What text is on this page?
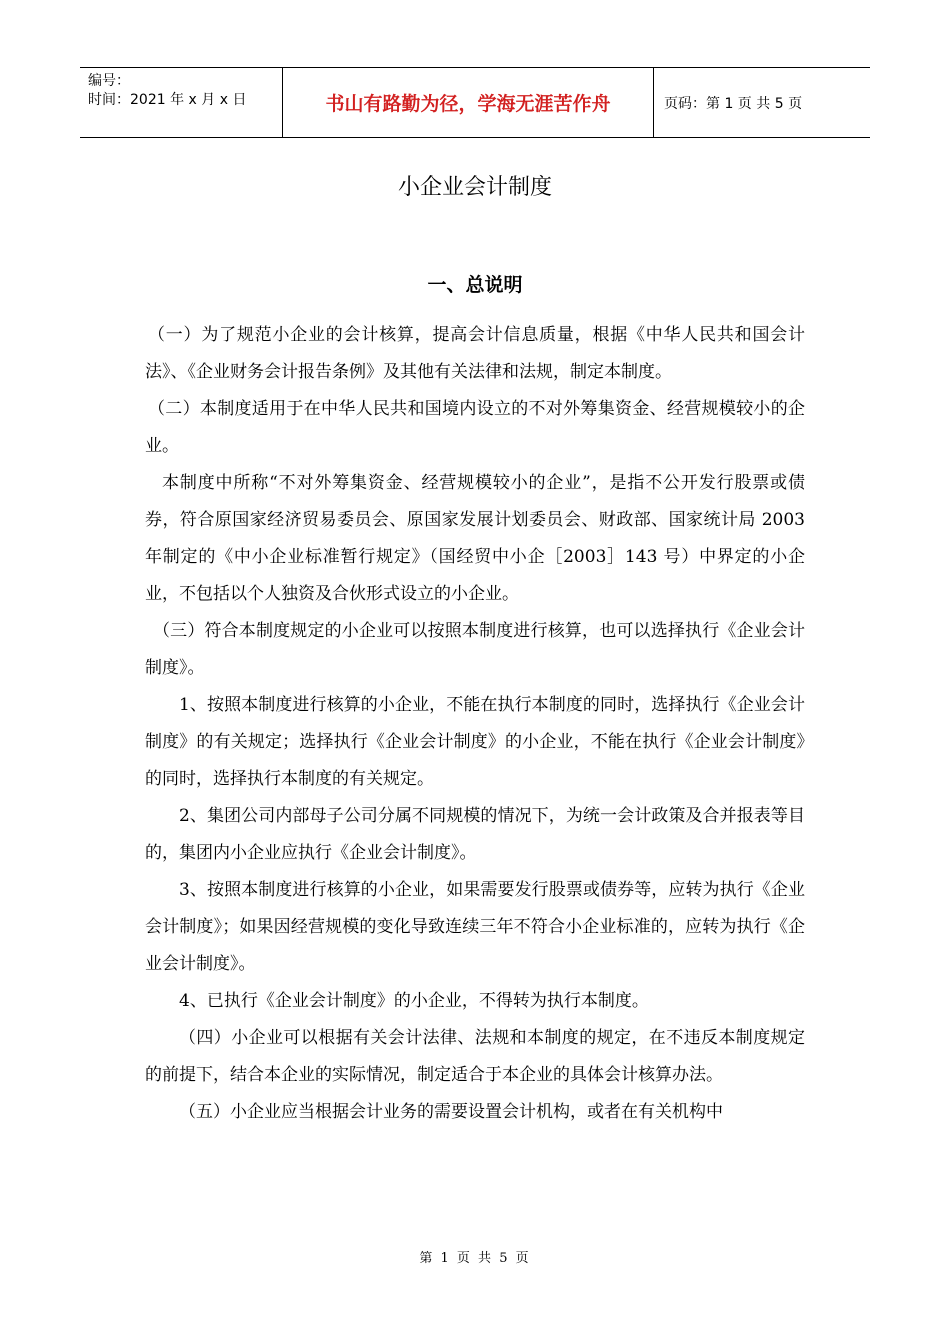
编号：
时间：2021 年 x 月 x 日	书山有路勤为径，学海无涯苦作舟	页码：第 1 页 共 5 页
小企业会计制度
一、总说明

（一）为了规范小企业的会计核算，提高会计信息质量，根据《中华人民共和国会计法》、《企业财务会计报告条例》及其他有关法律和法规，制定本制度。

（二）本制度适用于在中华人民共和国境内设立的不对外筹集资金、经营规模较小的企业。

本制度中所称“不对外筹集资金、经营规模较小的企业”，是指不公开发行股票或债券，符合原国家经济贸易委员会、原国家发展计划委员会、财政部、国家统计局 2003 年制定的《中小企业标准暂行规定》（国经贸中小企［2003］143 号）中界定的小企业，不包括以个人独资及合伙形式设立的小企业。

（三）符合本制度规定的小企业可以按照本制度进行核算，也可以选择执行《企业会计制度》。

1、按照本制度进行核算的小企业，不能在执行本制度的同时，选择执行《企业会计制度》的有关规定；选择执行《企业会计制度》的小企业，不能在执行《企业会计制度》的同时，选择执行本制度的有关规定。

2、集团公司内部母子公司分属不同规模的情况下，为统一会计政策及合并报表等目的，集团内小企业应执行《企业会计制度》。

3、按照本制度进行核算的小企业，如果需要发行股票或债券等，应转为执行《企业会计制度》；如果因经营规模的变化导致连续三年不符合小企业标准的，应转为执行《企业会计制度》。

4、已执行《企业会计制度》的小企业，不得转为执行本制度。

（四）小企业可以根据有关会计法律、法规和本制度的规定，在不违反本制度规定的前提下，结合本企业的实际情况，制定适合于本企业的具体会计核算办法。

（五）小企业应当根据会计业务的需要设置会计机构，或者在有关机构中

第 1 页 共 5 页
